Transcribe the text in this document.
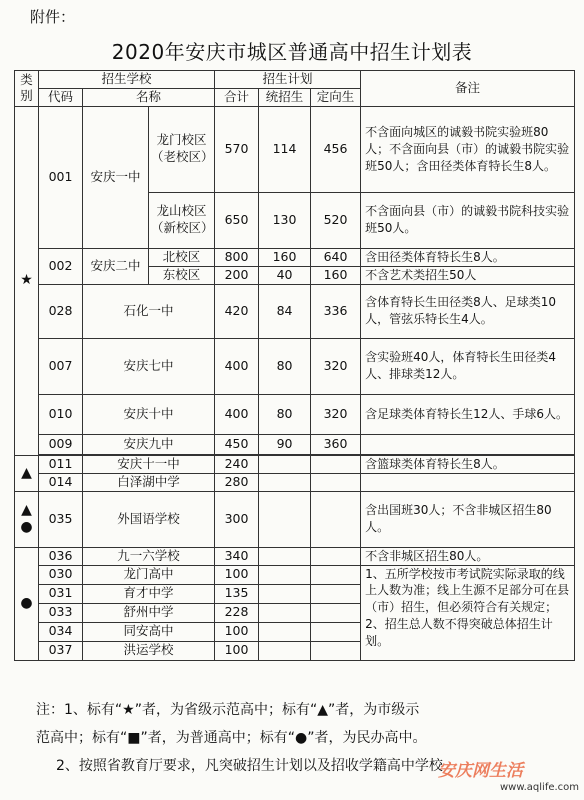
附件：
2020年安庆市城区普通高中招生计划表
类别	招生学校			招生计划			备注
	代码	名称		合计	统招生	定向生	
★	001	安庆一中	龙门校区（老校区）	570	114	456	不含面向城区的诚毅书院实验班80人；不含面向县（市）的诚毅书院实验班50人；含田径类体育特长生8人。
			龙山校区（新校区）	650	130	520	不含面向县（市）的诚毅书院科技实验班50人。
	002	安庆二中	北校区	800	160	640	含田径类体育特长生8人。
			东校区	200	40	160	不含艺术类招生50人
	028	石化一中		420	84	336	含体育特长生田径类8人、足球类10人，管弦乐特长生4人。
	007	安庆七中		400	80	320	含实验班40人，体育特长生田径类4人、排球类12人。
	010	安庆十中		400	80	320	含足球类体育特长生12人、手球6人。
	009	安庆九中		450	90	360	

▲	011	安庆十一中		240			含篮球类体育特长生8人。
	014	白泽湖中学		280			
▲
●	035	外国语学校		300			含出国班30人；不含非城区招生80人。
●	036	九一六学校		340			不含非城区招生80人。
	030	龙门高中		100			1、五所学校按市考试院实际录取的线上人数为准；线上生源不足部分可在县（市）招生，但必须符合有关规定；
2、招生总人数不得突破总体招生计划。
	031	育才中学		135			
	033	舒州中学		228			
	034	同安高中		100			
	037	洪运学校		100			
注：1、标有“★”者，为省级示范高中；标有“▲”者，为市级示
范高中；标有“■”者，为普通高中；标有“●”者，为民办高中。
2、按照省教育厅要求，凡突破招生计划以及招收学籍高中学校
安庆网生活
www.aqlife.com
